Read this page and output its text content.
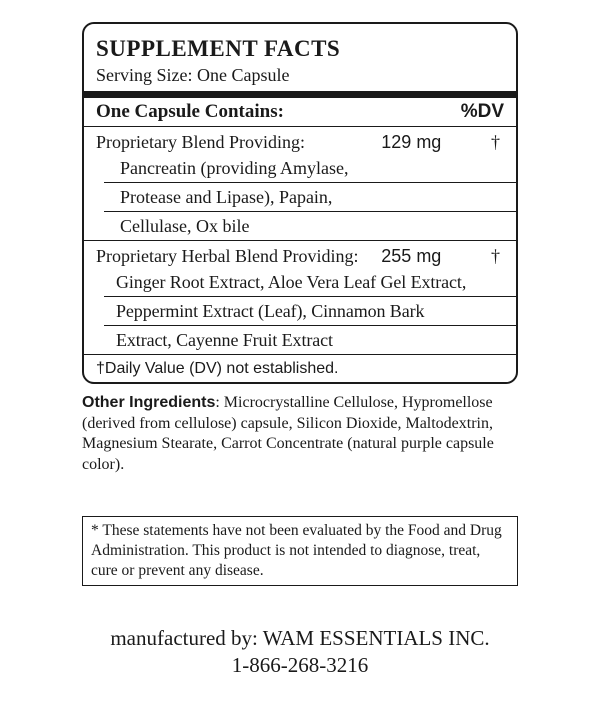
SUPPLEMENT FACTS
Serving Size: One Capsule
One Capsule Contains:	%DV
Proprietary Blend Providing:	129 mg	†
Pancreatin (providing Amylase,
Protease and Lipase), Papain,
Cellulase, Ox bile
Proprietary Herbal Blend Providing:	255 mg	†
Ginger Root Extract, Aloe Vera Leaf Gel Extract,
Peppermint Extract (Leaf), Cinnamon Bark
Extract, Cayenne Fruit Extract
†Daily Value (DV) not established.
Other Ingredients: Microcrystalline Cellulose, Hypromellose (derived from cellulose) capsule, Silicon Dioxide, Maltodextrin, Magnesium Stearate, Carrot Concentrate (natural purple capsule color).
* These statements have not been evaluated by the Food and Drug Administration. This product is not intended to diagnose, treat, cure or prevent any disease.
manufactured by: WAM ESSENTIALS INC.
1-866-268-3216
